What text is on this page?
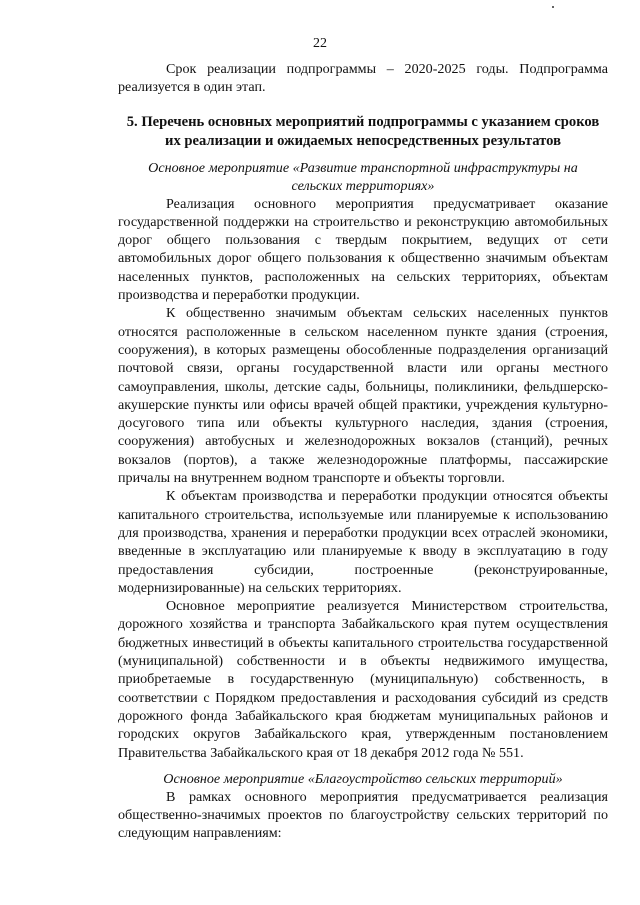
22

Срок реализации подпрограммы – 2020-2025 годы. Подпрограмма реализуется в один этап.

5. Перечень основных мероприятий подпрограммы с указанием сроков их реализации и ожидаемых непосредственных результатов

Основное мероприятие «Развитие транспортной инфраструктуры на сельских территориях»

Реализация основного мероприятия предусматривает оказание государственной поддержки на строительство и реконструкцию автомобильных дорог общего пользования с твердым покрытием, ведущих от сети автомобильных дорог общего пользования к общественно значимым объектам населенных пунктов, расположенных на сельских территориях, объектам производства и переработки продукции.

К общественно значимым объектам сельских населенных пунктов относятся расположенные в сельском населенном пункте здания (строения, сооружения), в которых размещены обособленные подразделения организаций почтовой связи, органы государственной власти или органы местного самоуправления, школы, детские сады, больницы, поликлиники, фельдшерско-акушерские пункты или офисы врачей общей практики, учреждения культурно-досугового типа или объекты культурного наследия, здания (строения, сооружения) автобусных и железнодорожных вокзалов (станций), речных вокзалов (портов), а также железнодорожные платформы, пассажирские причалы на внутреннем водном транспорте и объекты торговли.

К объектам производства и переработки продукции относятся объекты капитального строительства, используемые или планируемые к использованию для производства, хранения и переработки продукции всех отраслей экономики, введенные в эксплуатацию или планируемые к вводу в эксплуатацию в году предоставления субсидии, построенные (реконструированные, модернизированные) на сельских территориях.

Основное мероприятие реализуется Министерством строительства, дорожного хозяйства и транспорта Забайкальского края путем осуществления бюджетных инвестиций в объекты капитального строительства государственной (муниципальной) собственности и в объекты недвижимого имущества, приобретаемые в государственную (муниципальную) собственность, в соответствии с Порядком предоставления и расходования субсидий из средств дорожного фонда Забайкальского края бюджетам муниципальных районов и городских округов Забайкальского края, утвержденным постановлением Правительства Забайкальского края от 18 декабря 2012 года № 551.

Основное мероприятие «Благоустройство сельских территорий»

В рамках основного мероприятия предусматривается реализация общественно-значимых проектов по благоустройству сельских территорий по следующим направлениям:
